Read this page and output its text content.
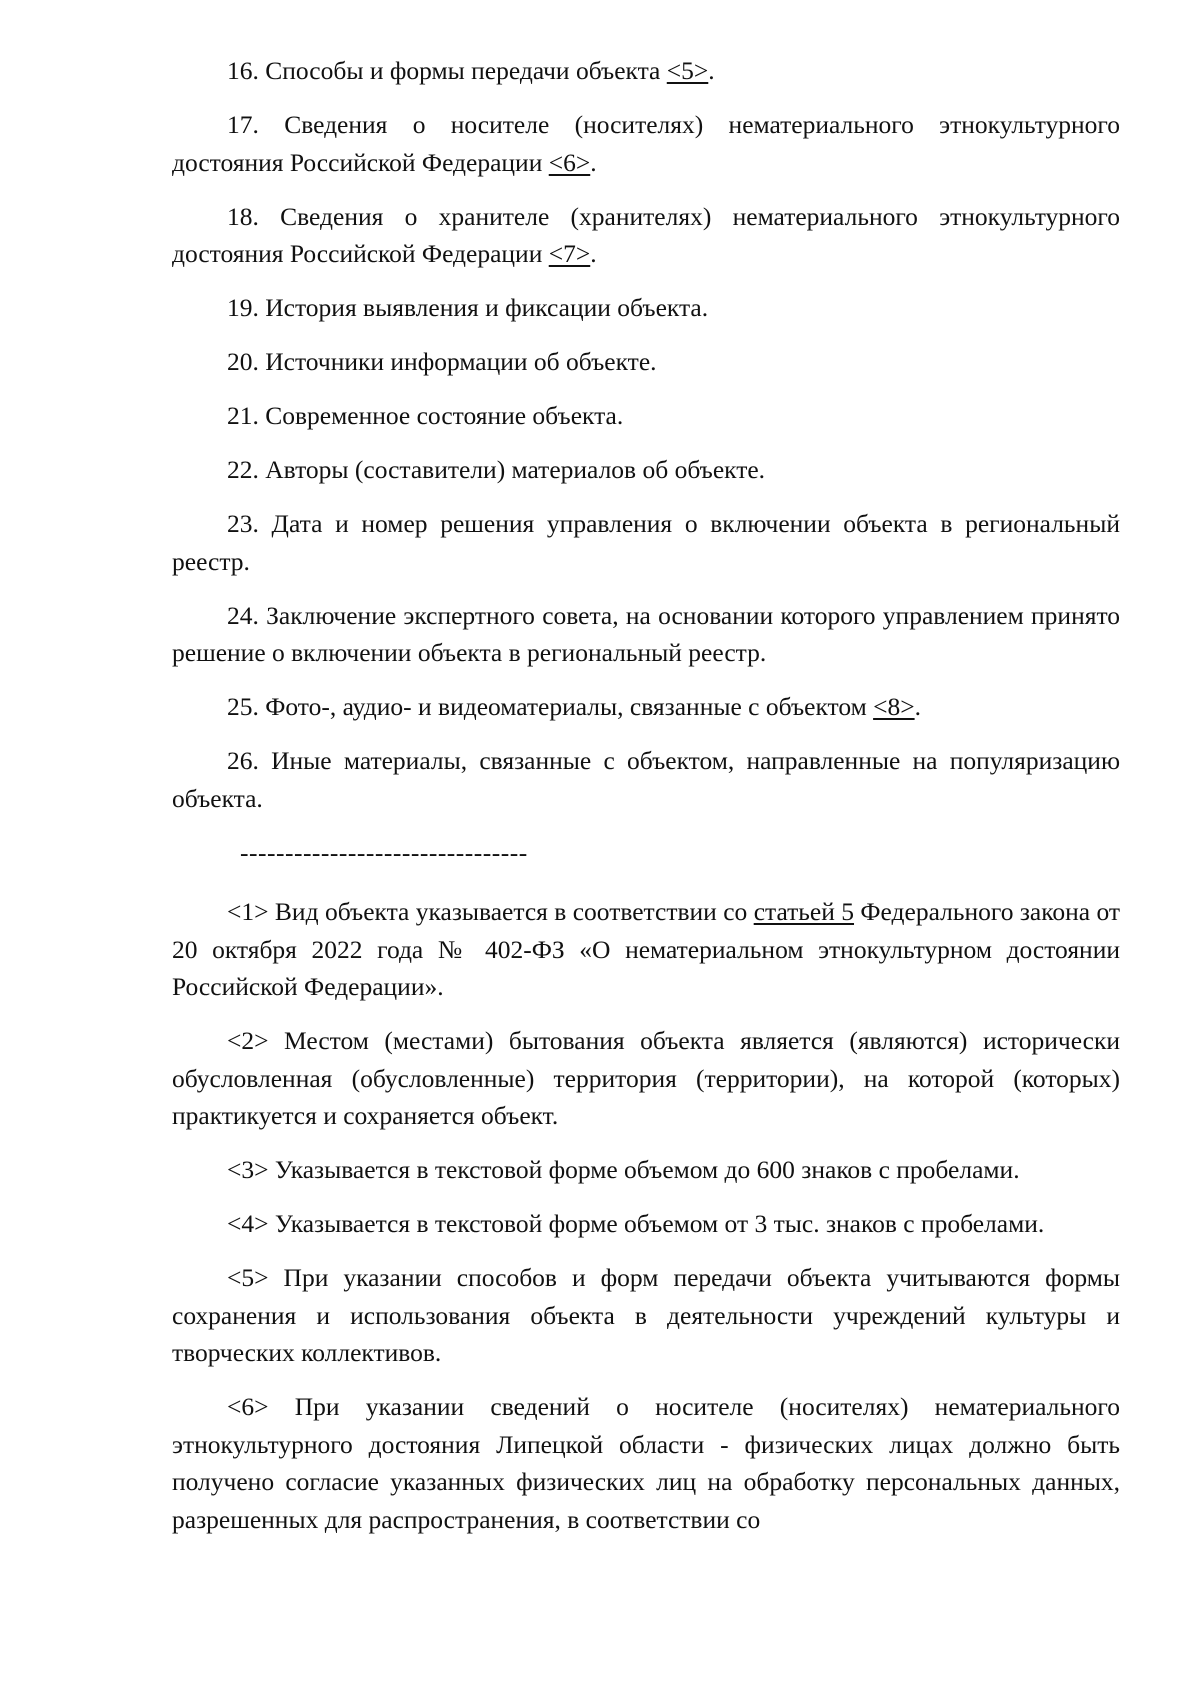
16. Способы и формы передачи объекта <5>.

17. Сведения о носителе (носителях) нематериального этнокультурного достояния Российской Федерации <6>.

18. Сведения о хранителе (хранителях) нематериального этнокультурного достояния Российской Федерации <7>.

19. История выявления и фиксации объекта.

20. Источники информации об объекте.

21. Современное состояние объекта.

22. Авторы (составители) материалов об объекте.

23. Дата и номер решения управления о включении объекта в региональный реестр.

24. Заключение экспертного совета, на основании которого управлением принято решение о включении объекта в региональный реестр.

25. Фото-, аудио- и видеоматериалы, связанные с объектом <8>.

26. Иные материалы, связанные с объектом, направленные на популяризацию объекта.

--------------------------------

<1> Вид объекта указывается в соответствии со статьей 5 Федерального закона от 20 октября 2022 года № 402-ФЗ «О нематериальном этнокультурном достоянии Российской Федерации».

<2> Местом (местами) бытования объекта является (являются) исторически обусловленная (обусловленные) территория (территории), на которой (которых) практикуется и сохраняется объект.

<3> Указывается в текстовой форме объемом до 600 знаков с пробелами.

<4> Указывается в текстовой форме объемом от 3 тыс. знаков с пробелами.

<5> При указании способов и форм передачи объекта учитываются формы сохранения и использования объекта в деятельности учреждений культуры и творческих коллективов.

<6> При указании сведений о носителе (носителях) нематериального этнокультурного достояния Липецкой области - физических лицах должно быть получено согласие указанных физических лиц на обработку персональных данных, разрешенных для распространения, в соответствии со
